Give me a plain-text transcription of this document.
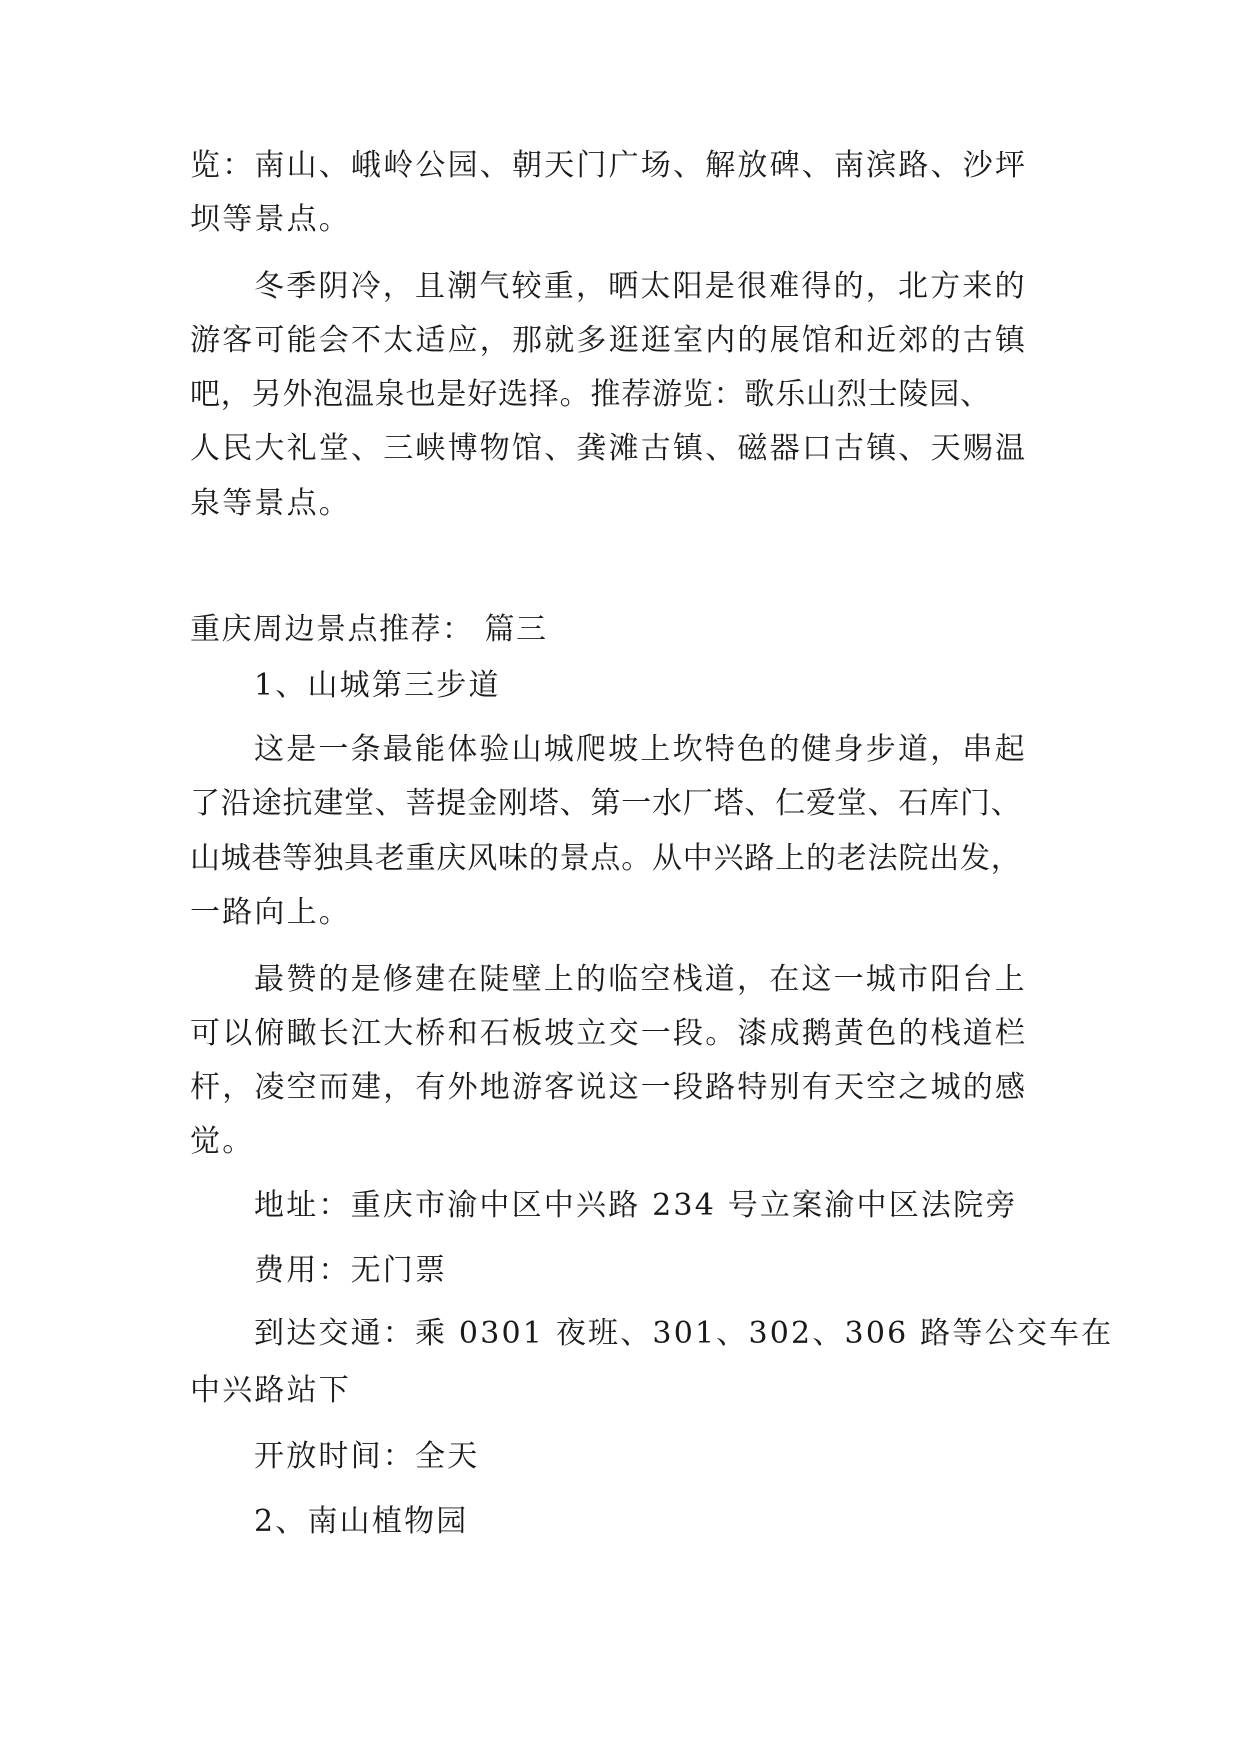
览：南山、峨岭公园、朝天门广场、解放碑、南滨路、沙坪
坝等景点。
冬季阴冷，且潮气较重，晒太阳是很难得的，北方来的
游客可能会不太适应，那就多逛逛室内的展馆和近郊的古镇
吧，另外泡温泉也是好选择。推荐游览：歌乐山烈士陵园、
人民大礼堂、三峡博物馆、龚滩古镇、磁器口古镇、天赐温
泉等景点。
重庆周边景点推荐： 篇三
1、山城第三步道
这是一条最能体验山城爬坡上坎特色的健身步道，串起
了沿途抗建堂、菩提金刚塔、第一水厂塔、仁爱堂、石库门、
山城巷等独具老重庆风味的景点。从中兴路上的老法院出发，
一路向上。
最赞的是修建在陡壁上的临空栈道，在这一城市阳台上
可以俯瞰长江大桥和石板坡立交一段。漆成鹅黄色的栈道栏
杆，凌空而建，有外地游客说这一段路特别有天空之城的感
觉。
地址：重庆市渝中区中兴路 234 号立案渝中区法院旁
费用：无门票
到达交通：乘 0301 夜班、301、302、306 路等公交车在
中兴路站下
开放时间：全天
2、南山植物园
